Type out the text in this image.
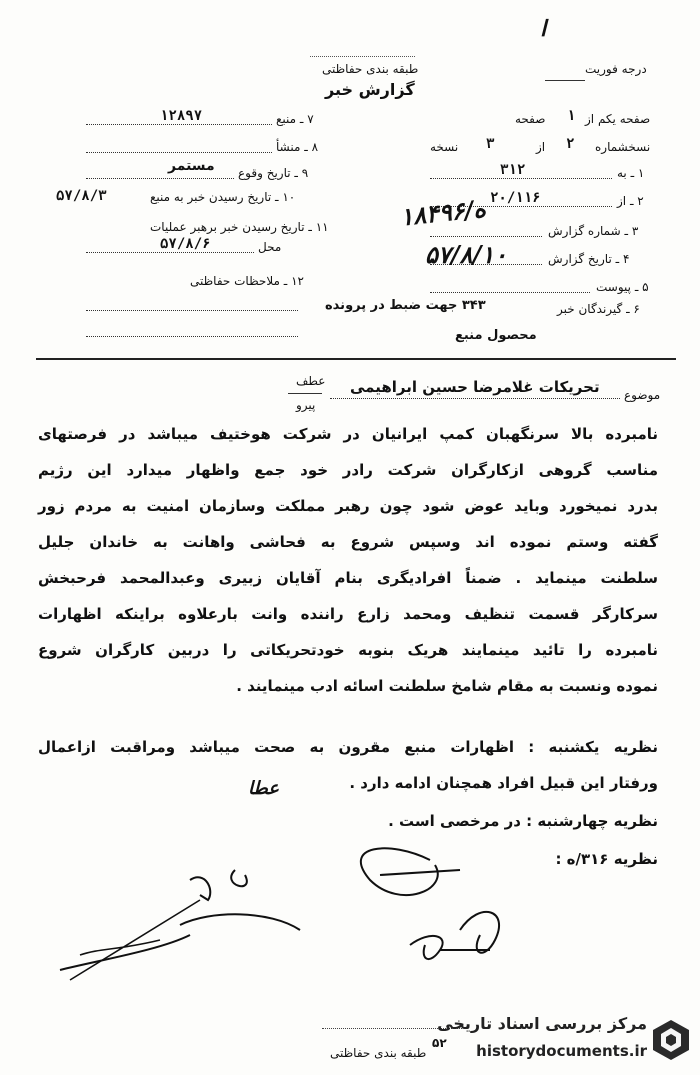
ا
طبقه بندی حفاظتی	درجه فوریت
گزارش خبر
۷ ـ منبع
۱۲۸۹۷
۸ ـ منشأ
۹ ـ تاریخ وقوع
مستمر
۱۰ ـ تاریخ رسیدن خبر به منبع
۵۷/۸/۳
۱۱ ـ تاریخ رسیدن خبر برهبر عملیات
محل
۵۷/۸/۶
۱۲ ـ ملاحظات حفاظتی
صفحه یکم از
صفحه ۱
نسخشماره
۲
از
۳
نسخه
۱ ـ به
۳۱۲
۲ ـ از
۲۰/۱۱۶
۳ ـ شماره گزارش
۴ ـ تاریخ گزارش
۵ ـ پیوست
۶ ـ گیرندگان خبر
۳۴۳ جهت ضبط در پرونده
محصول منبع
۱۸۴۹۶/ه
۵۷/۸/۱۰
موضوع
تحریکات غلامرضا حسین ابراهیمی
عطف
پیرو
نامبرده بالا سرنگهبان کمپ ایرانیان در شرکت هوختیف میباشد در فرصتهای
مناسب گروهی ازکارگران شرکت رادر خود جمع واظهار میدارد این رژیم
بدرد نمیخورد وباید عوض شود چون رهبر مملکت وسازمان امنیت به مردم زور
گفته وستم نموده اند وسپس شروع به فحاشی واهانت به خاندان جلیل
سلطنت مینماید . ضمناً افرادیگری بنام آقایان زبیری وعبدالمحمد فرحبخش
سرکارگر قسمت تنظیف ومحمد زارع راننده وانت بارعلاوه براینکه اظهارات
نامبرده را تائید مینمایند هریک بنوبه خودتحریکاتی را دربین کارگران شروع
نموده ونسبت به مقام شامخ سلطنت اسائه ادب مینمایند .
نظریه یکشنبه : اظهارات منبع مقرون به صحت میباشد ومراقبت ازاعمال
ورفتار این قبیل افراد همچنان ادامه دارد .
عطا
نظریه چهارشنبه : در مرخصی است .
نظریه ۳۱۶/ه :
طبقه بندی حفاظتی
۵۲
مرکز بررسی اسناد تاریخی
historydocuments.ir
